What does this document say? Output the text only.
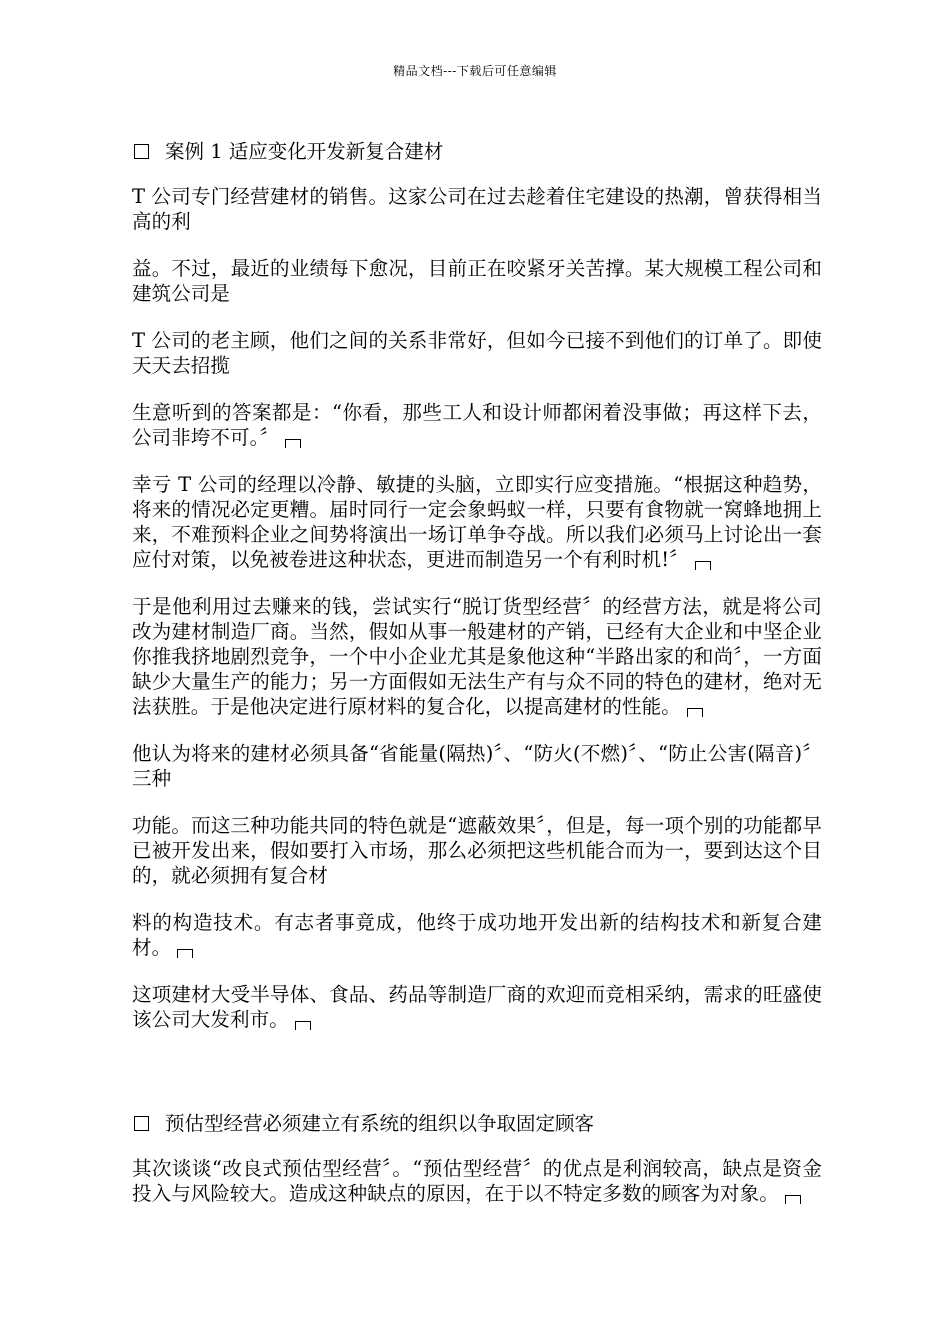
精品文档---下载后可任意编辑
案例 1 适应变化开发新复合建材

T 公司专门经营建材的销售。这家公司在过去趁着住宅建设的热潮，曾获得相当高的利

益。不过，最近的业绩每下愈况，目前正在咬紧牙关苦撑。某大规模工程公司和建筑公司是

T 公司的老主顾，他们之间的关系非常好，但如今已接不到他们的订单了。即使天天去招揽

生意听到的答案都是：“你看，那些工人和设计师都闲着没事做；再这样下去，公司非垮不可。〞

幸亏 T 公司的经理以冷静、敏捷的头脑，立即实行应变措施。“根据这种趋势，将来的情况必定更糟。届时同行一定会象蚂蚁一样，只要有食物就一窝蜂地拥上来，不难预料企业之间势将演出一场订单争夺战。所以我们必须马上讨论出一套应付对策，以免被卷进这种状态，更进而制造另一个有利时机!〞

于是他利用过去赚来的钱，尝试实行“脱订货型经营〞的经营方法，就是将公司改为建材制造厂商。当然，假如从事一般建材的产销，已经有大企业和中坚企业你推我挤地剧烈竞争，一个中小企业尤其是象他这种“半路出家的和尚〞，一方面缺少大量生产的能力；另一方面假如无法生产有与众不同的特色的建材，绝对无法获胜。于是他决定进行原材料的复合化，以提高建材的性能。

他认为将来的建材必须具备“省能量(隔热)〞、“防火(不燃)〞、“防止公害(隔音)〞三种

功能。而这三种功能共同的特色就是“遮蔽效果〞，但是，每一项个别的功能都早已被开发出来，假如要打入市场，那么必须把这些机能合而为一，要到达这个目的，就必须拥有复合材

料的构造技术。有志者事竟成，他终于成功地开发出新的结构技术和新复合建材。

这项建材大受半导体、食品、药品等制造厂商的欢迎而竞相采纳，需求的旺盛使该公司大发利市。

预估型经营必须建立有系统的组织以争取固定顾客

其次谈谈“改良式预估型经营〞。“预估型经营〞的优点是利润较高，缺点是资金投入与风险较大。造成这种缺点的原因，在于以不特定多数的顾客为对象。
